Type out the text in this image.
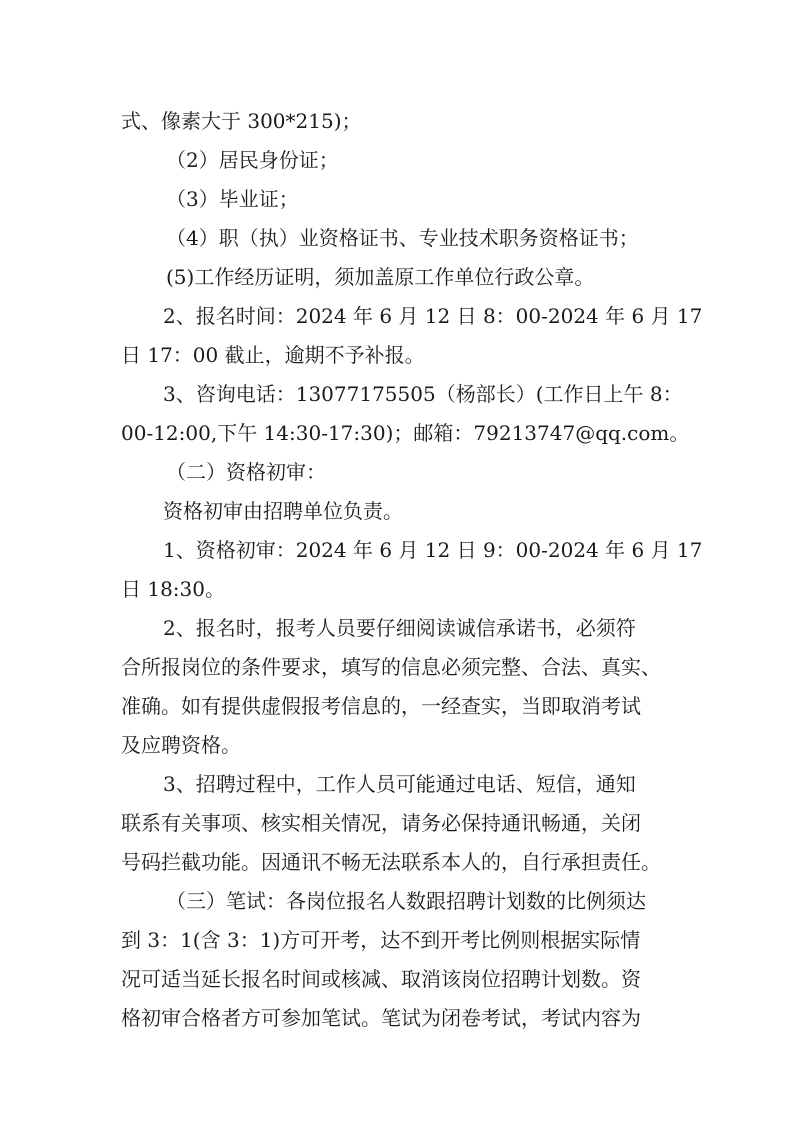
式、像素大于 300*215)；
（2）居民身份证；
（3）毕业证；
（4）职（执）业资格证书、专业技术职务资格证书；
(5)工作经历证明，须加盖原工作单位行政公章。
2、报名时间：2024 年 6 月 12 日 8：00-2024 年 6 月 17
日 17：00 截止，逾期不予补报。
3、咨询电话：13077175505（杨部长）(工作日上午 8：
00-12:00,下午 14:30-17:30)；邮箱：79213747@qq.com。
（二）资格初审：
资格初审由招聘单位负责。
1、资格初审：2024 年 6 月 12 日 9：00-2024 年 6 月 17
日 18:30。
2、报名时，报考人员要仔细阅读诚信承诺书，必须符
合所报岗位的条件要求，填写的信息必须完整、合法、真实、
准确。如有提供虚假报考信息的，一经查实，当即取消考试
及应聘资格。
3、招聘过程中，工作人员可能通过电话、短信，通知
联系有关事项、核实相关情况，请务必保持通讯畅通，关闭
号码拦截功能。因通讯不畅无法联系本人的，自行承担责任。
（三）笔试：各岗位报名人数跟招聘计划数的比例须达
到 3：1(含 3：1)方可开考，达不到开考比例则根据实际情
况可适当延长报名时间或核减、取消该岗位招聘计划数。资
格初审合格者方可参加笔试。笔试为闭卷考试，考试内容为
